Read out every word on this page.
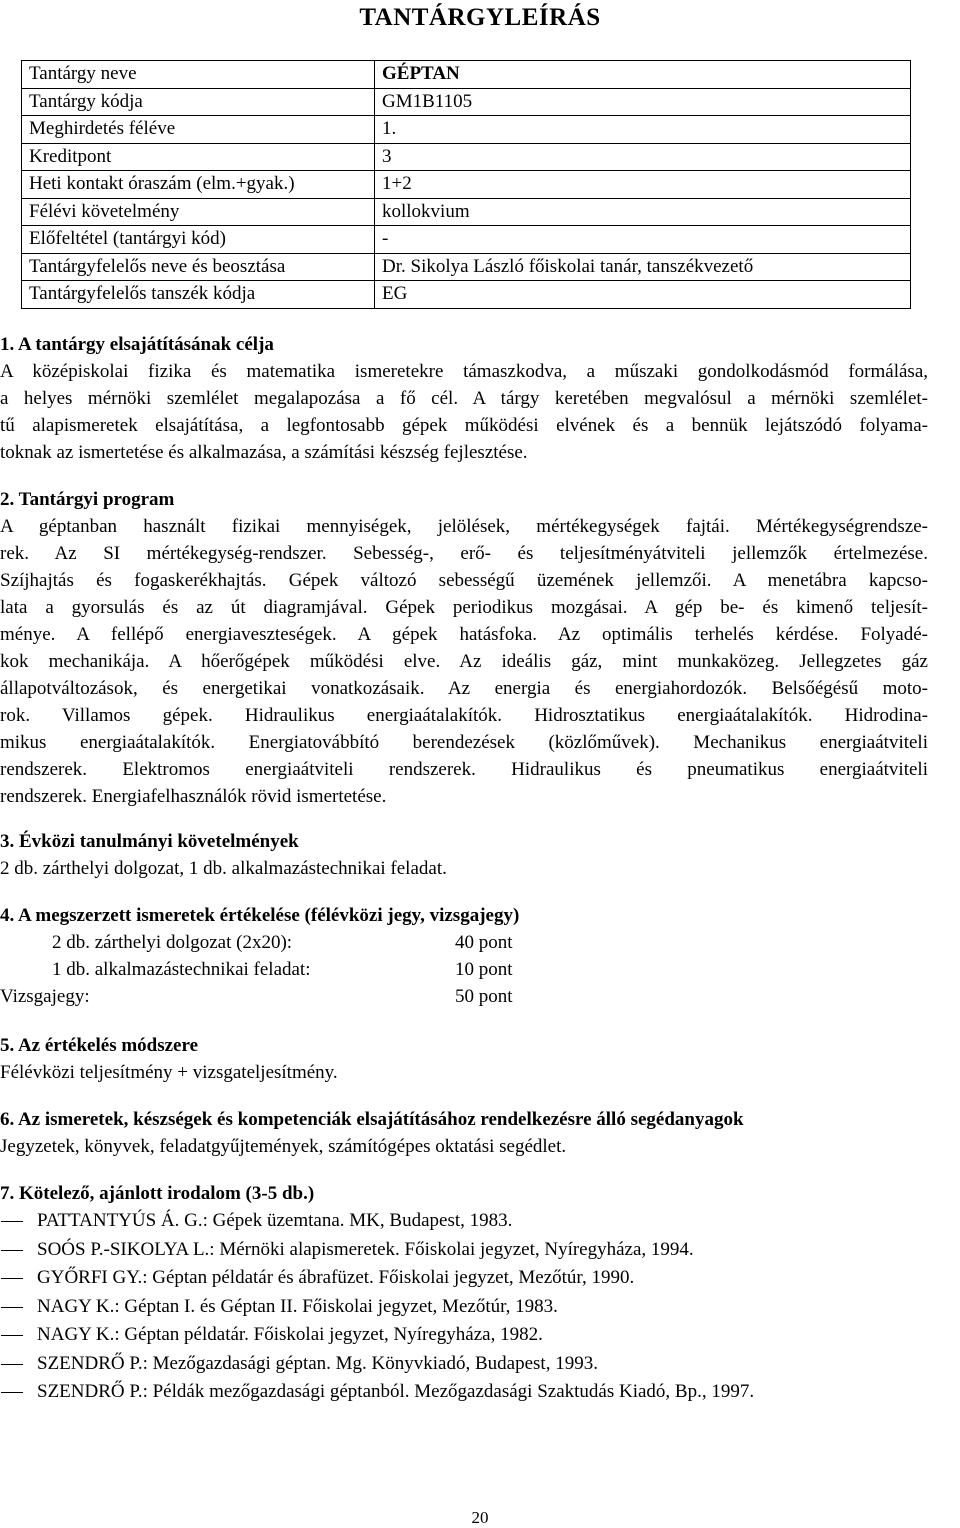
TANTÁRGYLEÍRÁS
Tantárgy neve	GÉPTAN
Tantárgy kódja	GM1B1105
Meghirdetés féléve	1.
Kreditpont	3
Heti kontakt óraszám (elm.+gyak.)	1+2
Félévi követelmény	kollokvium
Előfeltétel (tantárgyi kód)	-
Tantárgyfelelős neve és beosztása	Dr. Sikolya László főiskolai tanár, tanszékvezető
Tantárgyfelelős tanszék kódja	EG
1. A tantárgy elsajátításának célja

A középiskolai fizika és matematika ismeretekre támaszkodva, a műszaki gondolkodásmód formálása,

a helyes mérnöki szemlélet megalapozása a fő cél. A tárgy keretében megvalósul a mérnöki szemlélet-

tű alapismeretek elsajátítása, a legfontosabb gépek működési elvének és a bennük lejátszódó folyama-

toknak az ismertetése és alkalmazása, a számítási készség fejlesztése.

2. Tantárgyi program

A géptanban használt fizikai mennyiségek, jelölések, mértékegységek fajtái. Mértékegységrendsze-

rek. Az SI mértékegység-rendszer. Sebesség-, erő- és teljesítményátviteli jellemzők értelmezése.

Szíjhajtás és fogaskerékhajtás. Gépek változó sebességű üzemének jellemzői. A menetábra kapcso-

lata a gyorsulás és az út diagramjával. Gépek periodikus mozgásai. A gép be- és kimenő teljesít-

ménye. A fellépő energiaveszteségek. A gépek hatásfoka. Az optimális terhelés kérdése. Folyadé-

kok mechanikája. A hőerőgépek működési elve. Az ideális gáz, mint munkaközeg. Jellegzetes gáz

állapotváltozások, és energetikai vonatkozásaik. Az energia és energiahordozók. Belsőégésű moto-

rok. Villamos gépek. Hidraulikus energiaátalakítók. Hidrosztatikus energiaátalakítók. Hidrodina-

mikus energiaátalakítók. Energiatovábbító berendezések (közlőművek). Mechanikus energiaátviteli

rendszerek. Elektromos energiaátviteli rendszerek. Hidraulikus és pneumatikus energiaátviteli

rendszerek. Energiafelhasználók rövid ismertetése.

3. Évközi tanulmányi követelmények
2 db. zárthelyi dolgozat, 1 db. alkalmazástechnikai feladat.
4. A megszerzett ismeretek értékelése (félévközi jegy, vizsgajegy)
2 db. zárthelyi dolgozat (2x20):	40 pont
1 db. alkalmazástechnikai feladat:	10 pont
Vizsgajegy:	50 pont
5. Az értékelés módszere
Félévközi teljesítmény + vizsgateljesítmény.
6. Az ismeretek, készségek és kompetenciák elsajátításához rendelkezésre álló segédanyagok
Jegyzetek, könyvek, feladatgyűjtemények, számítógépes oktatási segédlet.
7. Kötelező, ajánlott irodalom (3-5 db.)
PATTANTYÚS Á. G.: Gépek üzemtana. MK, Budapest, 1983.
SOÓS P.-SIKOLYA L.: Mérnöki alapismeretek. Főiskolai jegyzet, Nyíregyháza, 1994.
GYŐRFI GY.: Géptan példatár és ábrafüzet. Főiskolai jegyzet, Mezőtúr, 1990.
NAGY K.: Géptan I. és Géptan II. Főiskolai jegyzet, Mezőtúr, 1983.
NAGY K.: Géptan példatár. Főiskolai jegyzet, Nyíregyháza, 1982.
SZENDRŐ P.: Mezőgazdasági géptan. Mg. Könyvkiadó, Budapest, 1993.
SZENDRŐ P.: Példák mezőgazdasági géptanból. Mezőgazdasági Szaktudás Kiadó, Bp., 1997.
20
